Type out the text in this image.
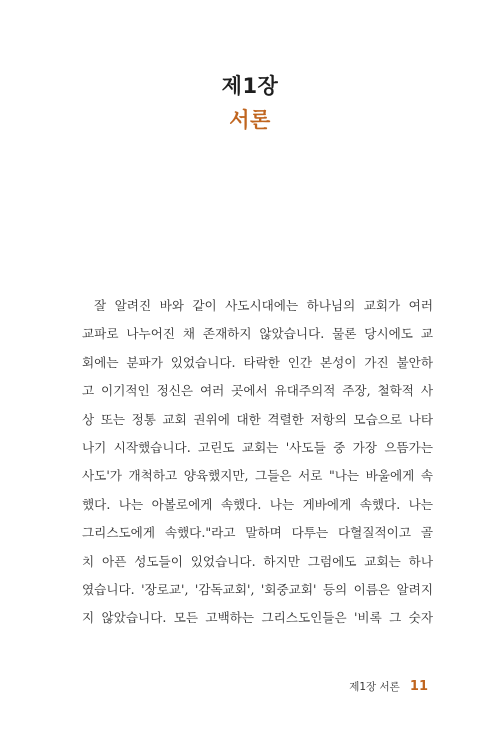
제1장
서론
잘 알려진 바와 같이 사도시대에는 하나님의 교회가 여러
교파로 나누어진 채 존재하지 않았습니다. 물론 당시에도 교
회에는 분파가 있었습니다. 타락한 인간 본성이 가진 불안하
고 이기적인 정신은 여러 곳에서 유대주의적 주장, 철학적 사
상 또는 정통 교회 권위에 대한 격렬한 저항의 모습으로 나타
나기 시작했습니다. 고린도 교회는 '사도들 중 가장 으뜸가는
사도'가 개척하고 양육했지만, 그들은 서로 "나는 바울에게 속
했다. 나는 아볼로에게 속했다. 나는 게바에게 속했다. 나는
그리스도에게 속했다."라고 말하며 다투는 다혈질적이고 골
치 아픈 성도들이 있었습니다. 하지만 그럼에도 교회는 하나
였습니다. '장로교', '감독교회', '회중교회' 등의 이름은 알려지
지 않았습니다. 모든 고백하는 그리스도인들은 '비록 그 숫자
제1장 서론 11
